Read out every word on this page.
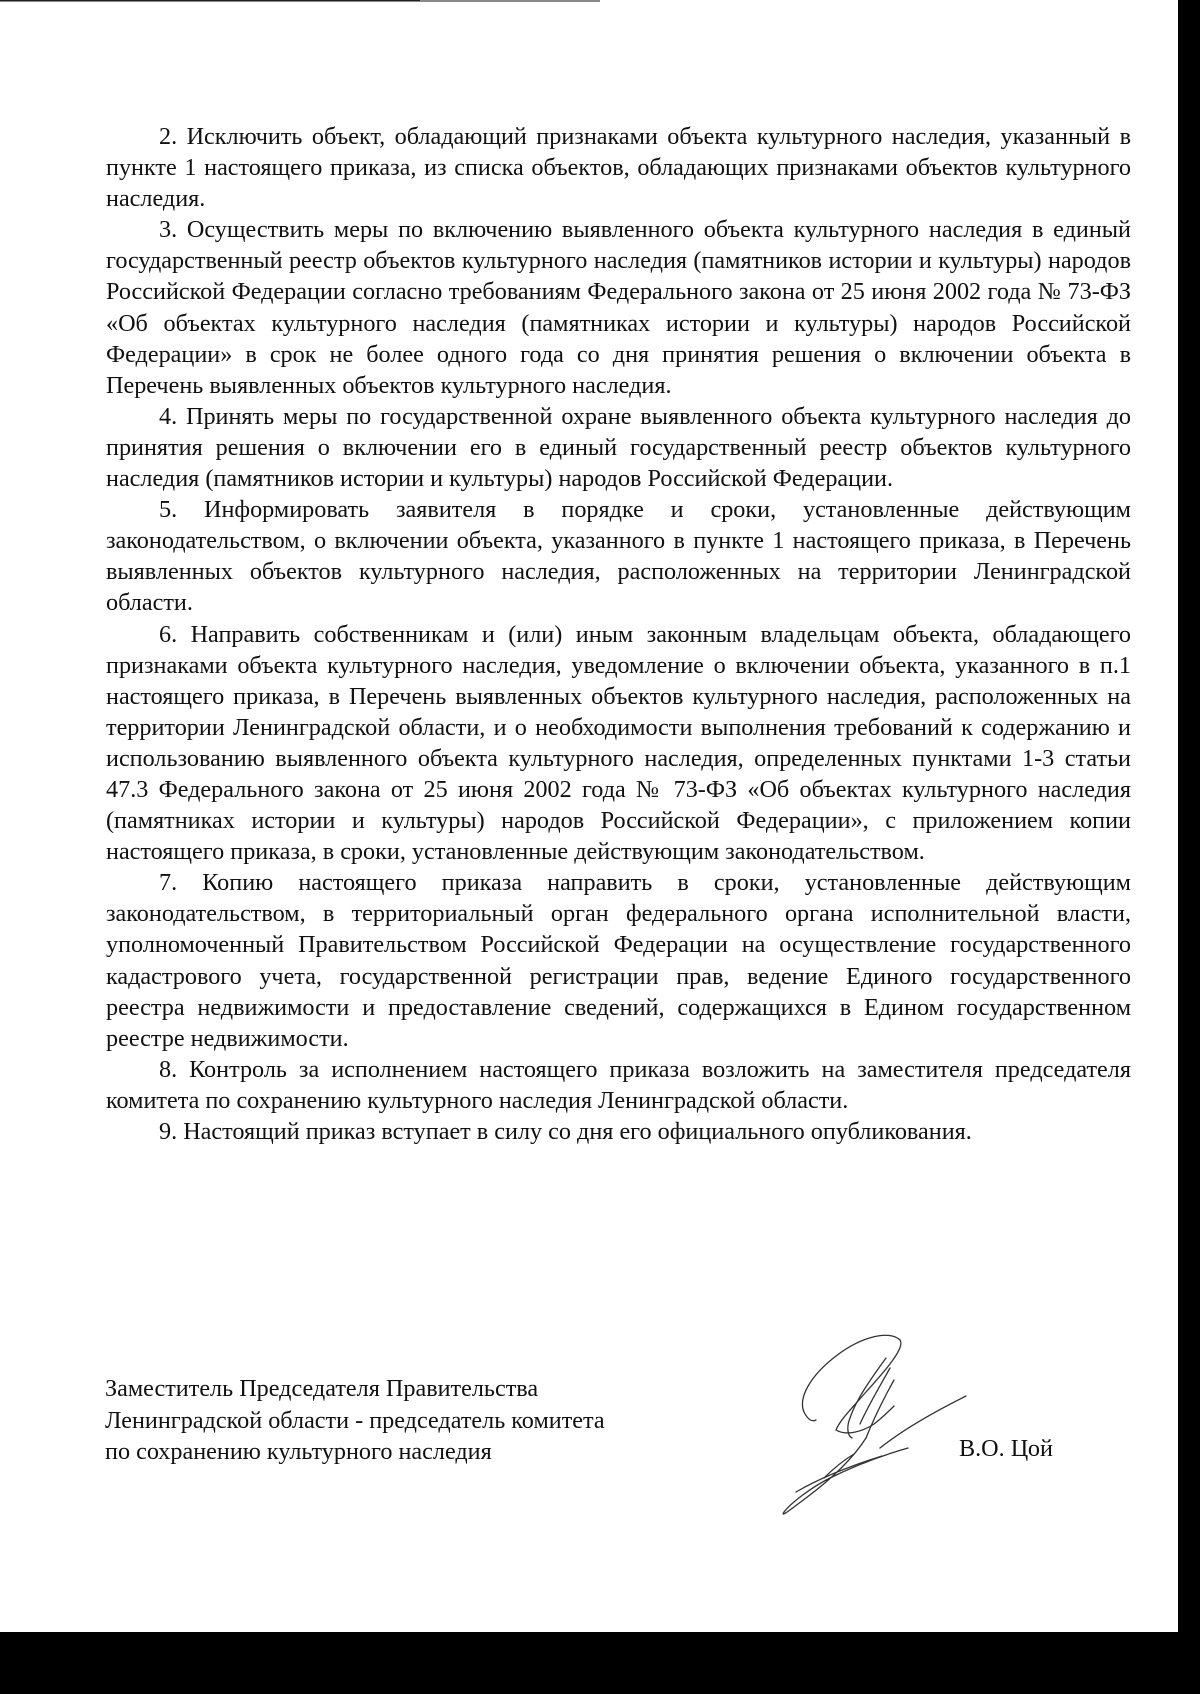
2. Исключить объект, обладающий признаками объекта культурного наследия, указанный в пункте 1 настоящего приказа, из списка объектов, обладающих признаками объектов культурного наследия.

3. Осуществить меры по включению выявленного объекта культурного наследия в единый государственный реестр объектов культурного наследия (памятников истории и культуры) народов Российской Федерации согласно требованиям Федерального закона от 25 июня 2002 года № 73-ФЗ «Об объектах культурного наследия (памятниках истории и культуры) народов Российской Федерации» в срок не более одного года со дня принятия решения о включении объекта в Перечень выявленных объектов культурного наследия.

4. Принять меры по государственной охране выявленного объекта культурного наследия до принятия решения о включении его в единый государственный реестр объектов культурного наследия (памятников истории и культуры) народов Российской Федерации.

5. Информировать заявителя в порядке и сроки, установленные действующим законодательством, о включении объекта, указанного в пункте 1 настоящего приказа, в Перечень выявленных объектов культурного наследия, расположенных на территории Ленинградской области.

6. Направить собственникам и (или) иным законным владельцам объекта, обладающего признаками объекта культурного наследия, уведомление о включении объекта, указанного в п.1 настоящего приказа, в Перечень выявленных объектов культурного наследия, расположенных на территории Ленинградской области, и о необходимости выполнения требований к содержанию и использованию выявленного объекта культурного наследия, определенных пунктами 1-3 статьи 47.3 Федерального закона от 25 июня 2002 года № 73-ФЗ «Об объектах культурного наследия (памятниках истории и культуры) народов Российской Федерации», с приложением копии настоящего приказа, в сроки, установленные действующим законодательством.

7. Копию настоящего приказа направить в сроки, установленные действующим законодательством, в территориальный орган федерального органа исполнительной власти, уполномоченный Правительством Российской Федерации на осуществление государственного кадастрового учета, государственной регистрации прав, ведение Единого государственного реестра недвижимости и предоставление сведений, содержащихся в Едином государственном реестре недвижимости.

8. Контроль за исполнением настоящего приказа возложить на заместителя председателя комитета по сохранению культурного наследия Ленинградской области.

9. Настоящий приказ вступает в силу со дня его официального опубликования.

Заместитель Председателя Правительства
Ленинградской области - председатель комитета
по сохранению культурного наследия	В.О. Цой
